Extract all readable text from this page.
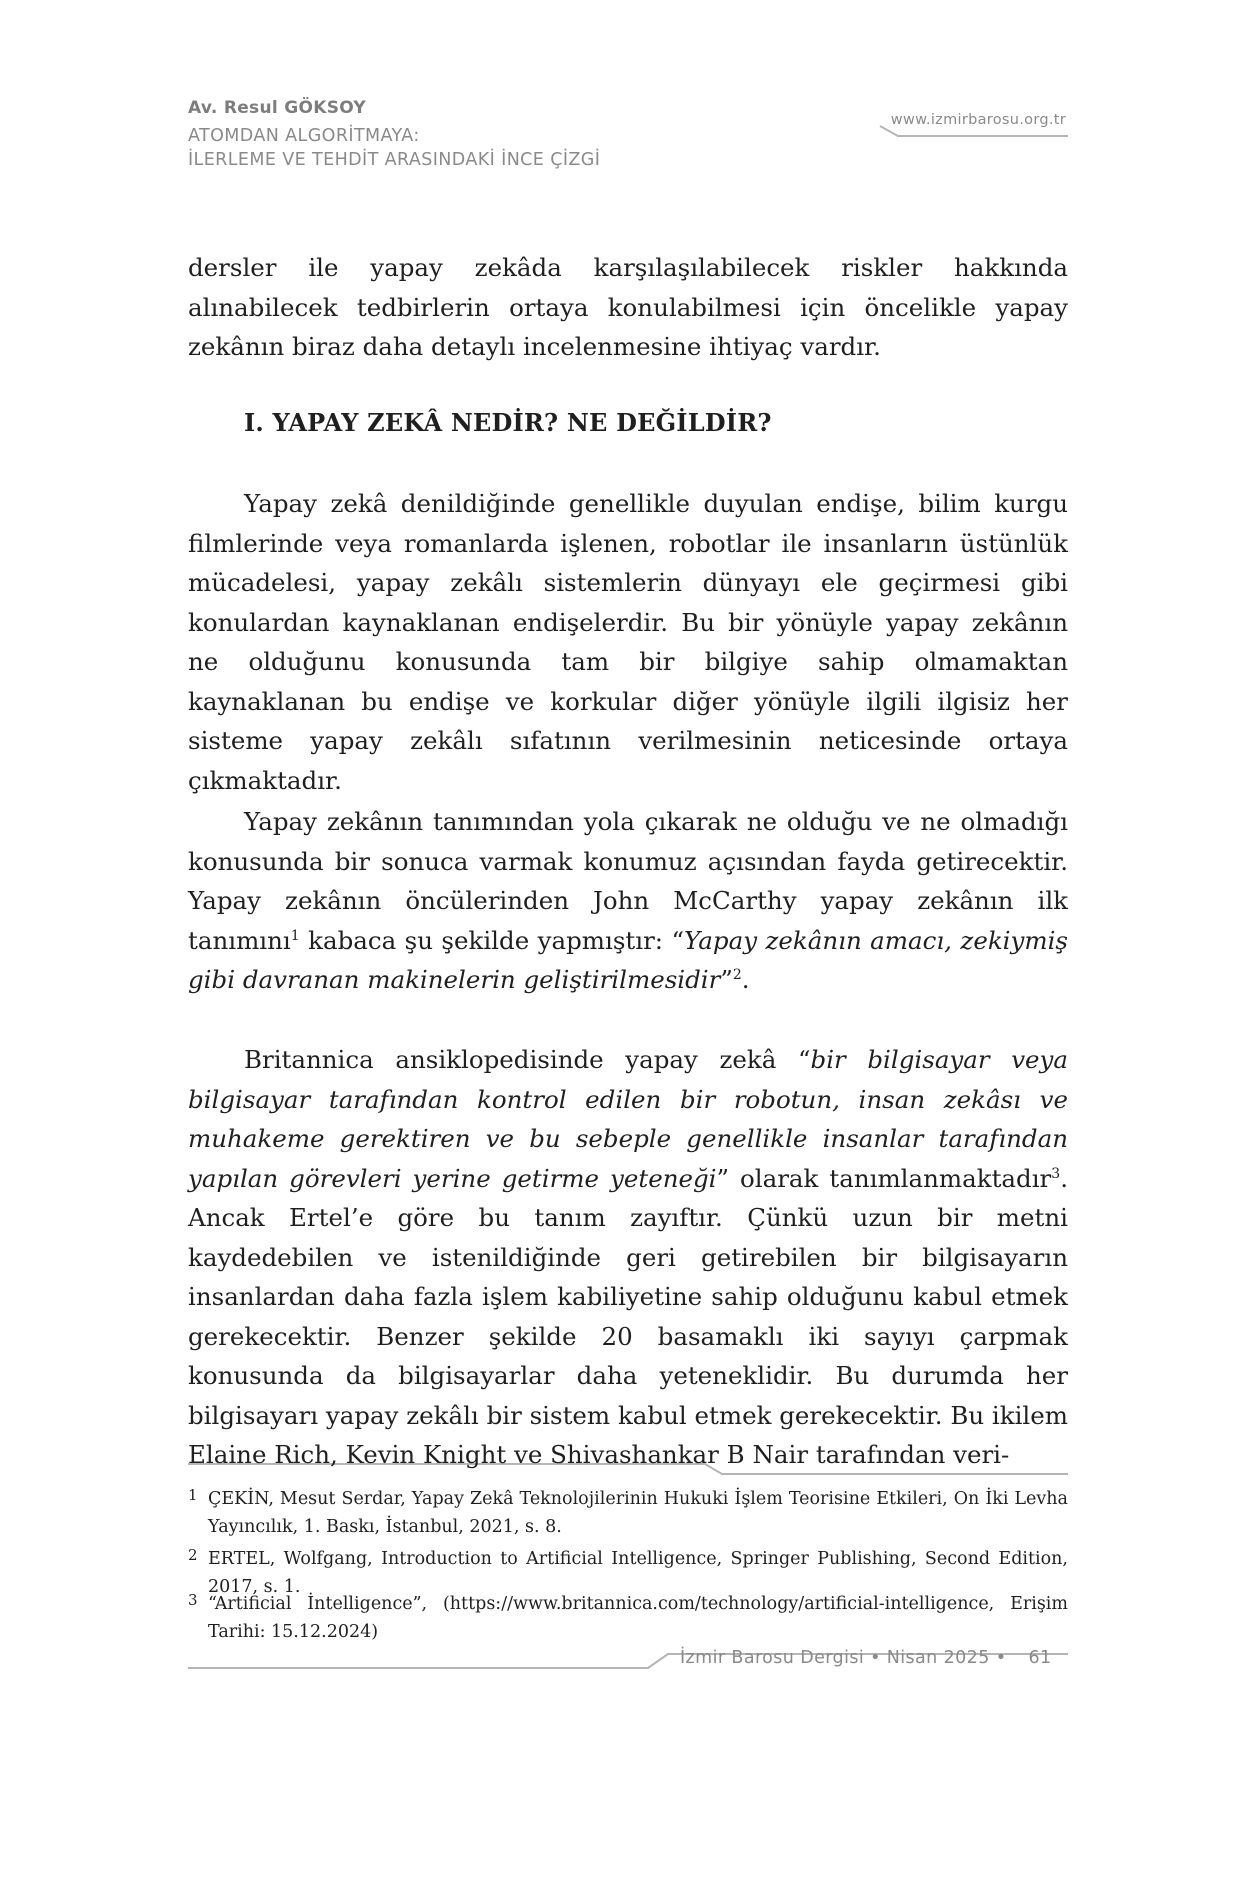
Av. Resul GÖKSOY
ATOMDAN ALGORİTMAYA:
İLERLEME VE TEHDİT ARASINDAKİ İNCE ÇİZGİ
www.izmirbarosu.org.tr

dersler ile yapay zekâda karşılaşılabilecek riskler hakkında alınabilecek tedbirlerin ortaya konulabilmesi için öncelikle yapay zekânın biraz daha detaylı incelenmesine ihtiyaç vardır.

I. YAPAY ZEKÂ NEDİR? NE DEĞİLDİR?

Yapay zekâ denildiğinde genellikle duyulan endişe, bilim kurgu filmlerinde veya romanlarda işlenen, robotlar ile insanların üstünlük mücadelesi, yapay zekâlı sistemlerin dünyayı ele geçirmesi gibi konulardan kaynaklanan endişelerdir. Bu bir yönüyle yapay zekânın ne olduğunu konusunda tam bir bilgiye sahip olmamaktan kaynaklanan bu endişe ve korkular diğer yönüyle ilgili ilgisiz her sisteme yapay zekâlı sıfatının verilmesinin neticesinde ortaya çıkmaktadır.

Yapay zekânın tanımından yola çıkarak ne olduğu ve ne olmadığı konusunda bir sonuca varmak konumuz açısından fayda getirecektir. Yapay zekânın öncülerinden John McCarthy yapay zekânın ilk tanımını$^1$ kabaca şu şekilde yapmıştır: “Yapay zekânın amacı, zekiymiş gibi davranan makinelerin geliştirilmesidir”$^2$.

Britannica ansiklopedisinde yapay zekâ “bir bilgisayar veya bilgisayar tarafından kontrol edilen bir robotun, insan zekâsı ve muhakeme gerektiren ve bu sebeple genellikle insanlar tarafından yapılan görevleri yerine getirme yeteneği” olarak tanımlanmaktadır$^3$. Ancak Ertel’e göre bu tanım zayıftır. Çünkü uzun bir metni kaydedebilen ve istenildiğinde geri getirebilen bir bilgisayarın insanlardan daha fazla işlem kabiliyetine sahip olduğunu kabul etmek gerekecektir. Benzer şekilde 20 basamaklı iki sayıyı çarpmak konusunda da bilgisayarlar daha yeteneklidir. Bu durumda her bilgisayarı yapay zekâlı bir sistem kabul etmek gerekecektir. Bu ikilem Elaine Rich, Kevin Knight ve Shivashankar B Nair tarafından veri-

1 ÇEKİN, Mesut Serdar, Yapay Zekâ Teknolojilerinin Hukuki İşlem Teorisine Etkileri, On İki Levha Yayıncılık, 1. Baskı, İstanbul, 2021, s. 8.
2 ERTEL, Wolfgang, Introduction to Artificial Intelligence, Springer Publishing, Second Edition, 2017, s. 1.
3 “Artificial İntelligence”, (https://www.britannica.com/technology/artificial-intelligence, Erişim Tarihi: 15.12.2024)
İzmir Barosu Dergisi • Nisan 2025 • 61
